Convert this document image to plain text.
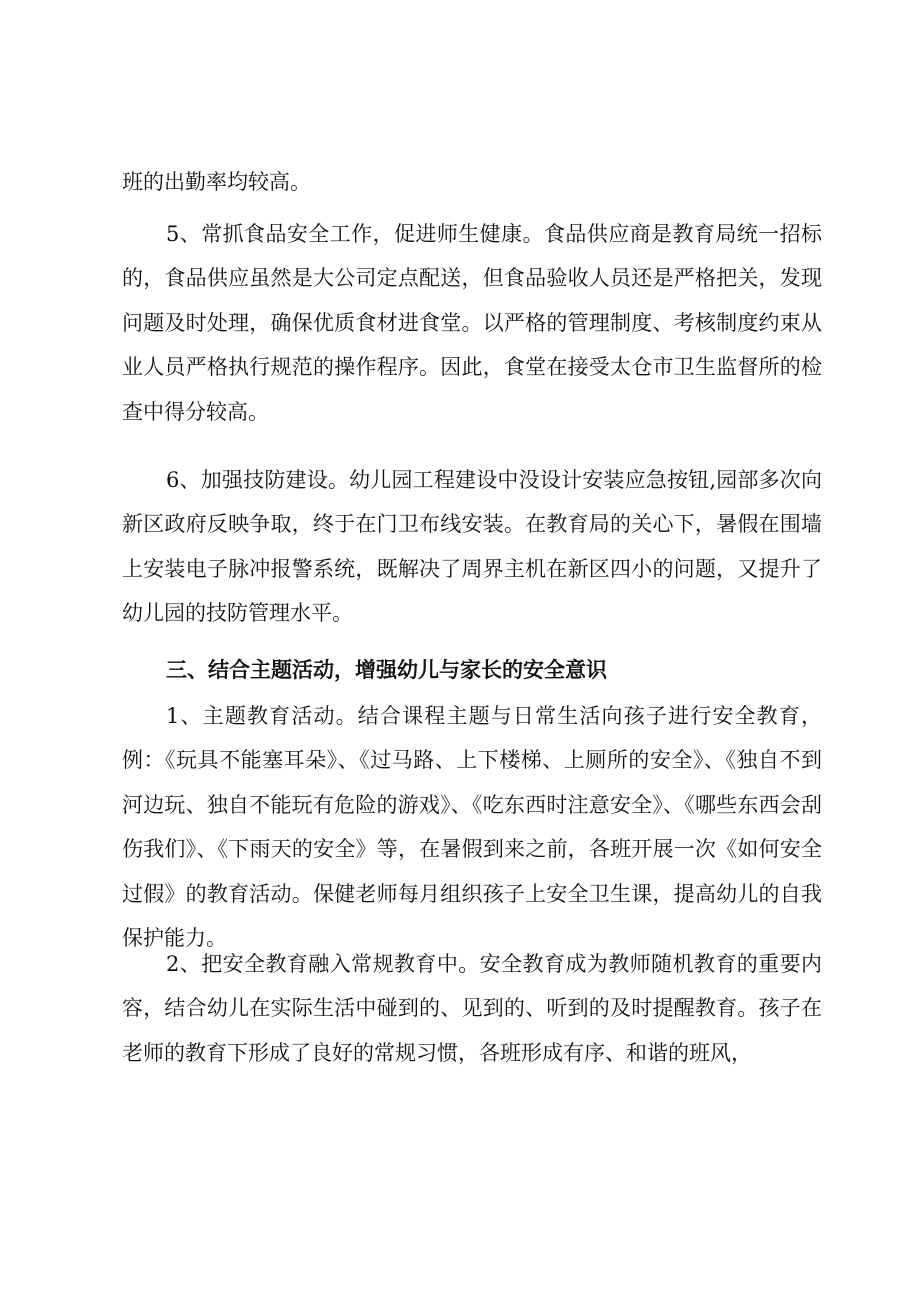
班的出勤率均较高。

5、常抓食品安全工作，促进师生健康。食品供应商是教育局统一招标的，食品供应虽然是大公司定点配送，但食品验收人员还是严格把关，发现问题及时处理，确保优质食材进食堂。以严格的管理制度、考核制度约束从业人员严格执行规范的操作程序。因此，食堂在接受太仓市卫生监督所的检查中得分较高。

6、加强技防建设。幼儿园工程建设中没设计安装应急按钮,园部多次向新区政府反映争取，终于在门卫布线安装。在教育局的关心下，暑假在围墙上安装电子脉冲报警系统，既解决了周界主机在新区四小的问题，又提升了幼儿园的技防管理水平。

三、结合主题活动，增强幼儿与家长的安全意识

1、主题教育活动。结合课程主题与日常生活向孩子进行安全教育，例：《玩具不能塞耳朵》、《过马路、上下楼梯、上厕所的安全》、《独自不到河边玩、独自不能玩有危险的游戏》、《吃东西时注意安全》、《哪些东西会刮伤我们》、《下雨天的安全》等，在暑假到来之前，各班开展一次《如何安全过假》的教育活动。保健老师每月组织孩子上安全卫生课，提高幼儿的自我保护能力。

2、把安全教育融入常规教育中。安全教育成为教师随机教育的重要内容，结合幼儿在实际生活中碰到的、见到的、听到的及时提醒教育。孩子在老师的教育下形成了良好的常规习惯，各班形成有序、和谐的班风，
